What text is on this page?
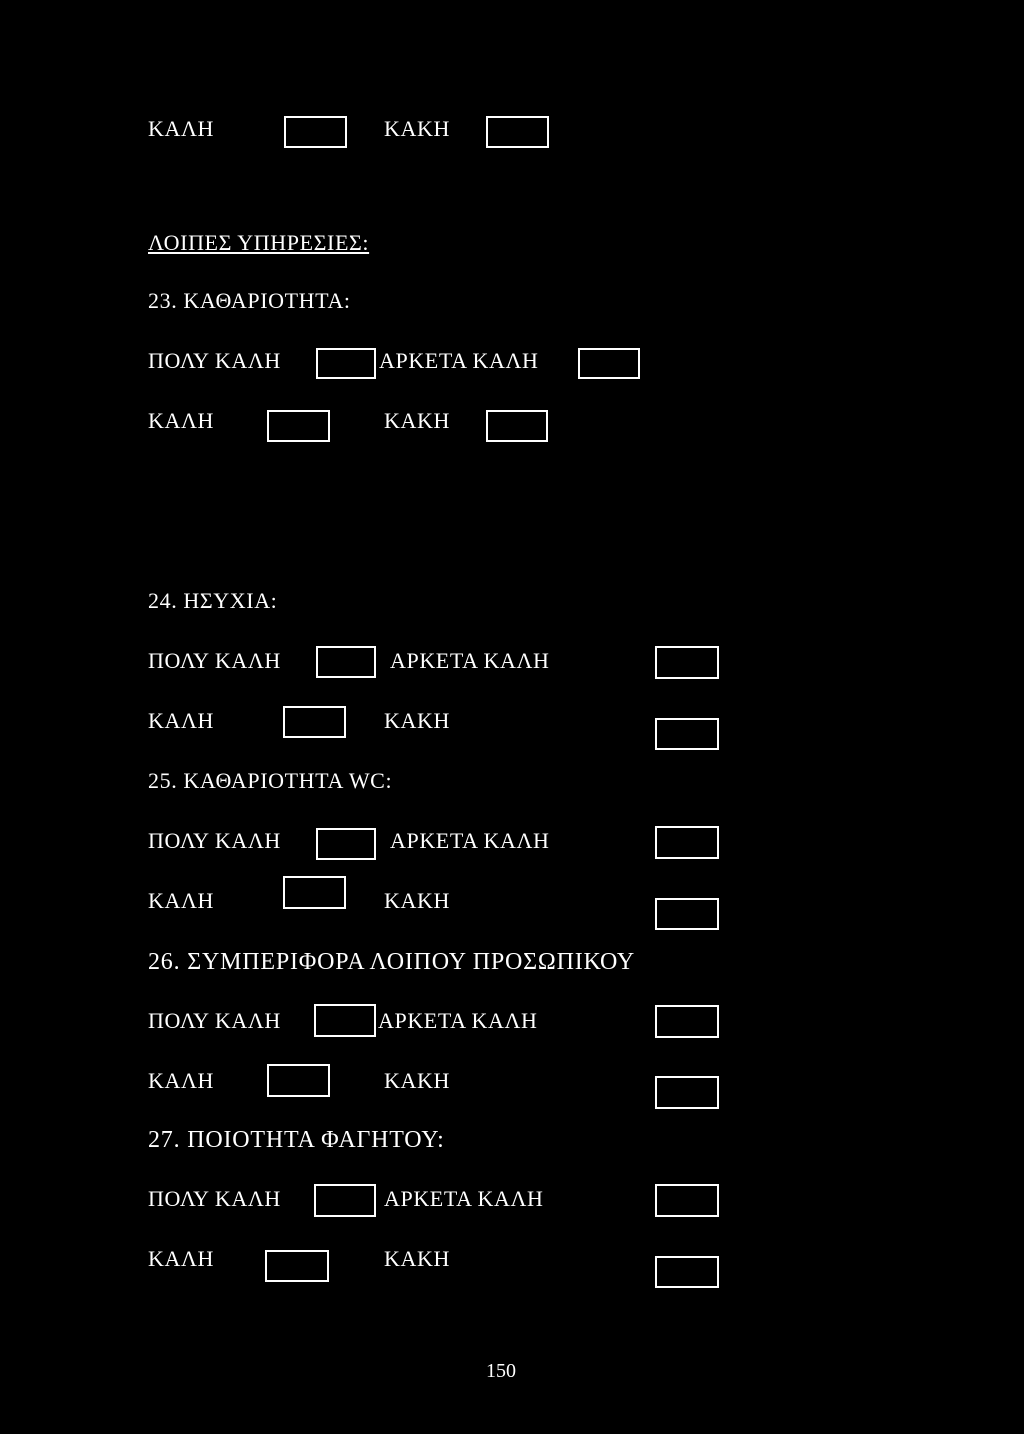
ΚΑΛΗ	ΚΑΚΗ
ΛΟΙΠΕΣ ΥΠΗΡΕΣΙΕΣ:
23. ΚΑΘΑΡΙΟΤΗΤΑ:
ΠΟΛΥ ΚΑΛΗ	ΑΡΚΕΤΑ ΚΑΛΗ
ΚΑΛΗ	ΚΑΚΗ
24. ΗΣΥΧΙΑ:
ΠΟΛΥ ΚΑΛΗ	ΑΡΚΕΤΑ ΚΑΛΗ
ΚΑΛΗ	ΚΑΚΗ
25. ΚΑΘΑΡΙΟΤΗΤΑ WC:
ΠΟΛΥ ΚΑΛΗ	ΑΡΚΕΤΑ ΚΑΛΗ
ΚΑΛΗ	ΚΑΚΗ
26. ΣΥΜΠΕΡΙΦΟΡΑ ΛΟΙΠΟΥ ΠΡΟΣΩΠΙΚΟΥ
ΠΟΛΥ ΚΑΛΗ	ΑΡΚΕΤΑ ΚΑΛΗ
ΚΑΛΗ	ΚΑΚΗ
27. ΠΟΙΟΤΗΤΑ ΦΑΓΗΤΟΥ:
ΠΟΛΥ ΚΑΛΗ	ΑΡΚΕΤΑ ΚΑΛΗ
ΚΑΛΗ	ΚΑΚΗ
150
